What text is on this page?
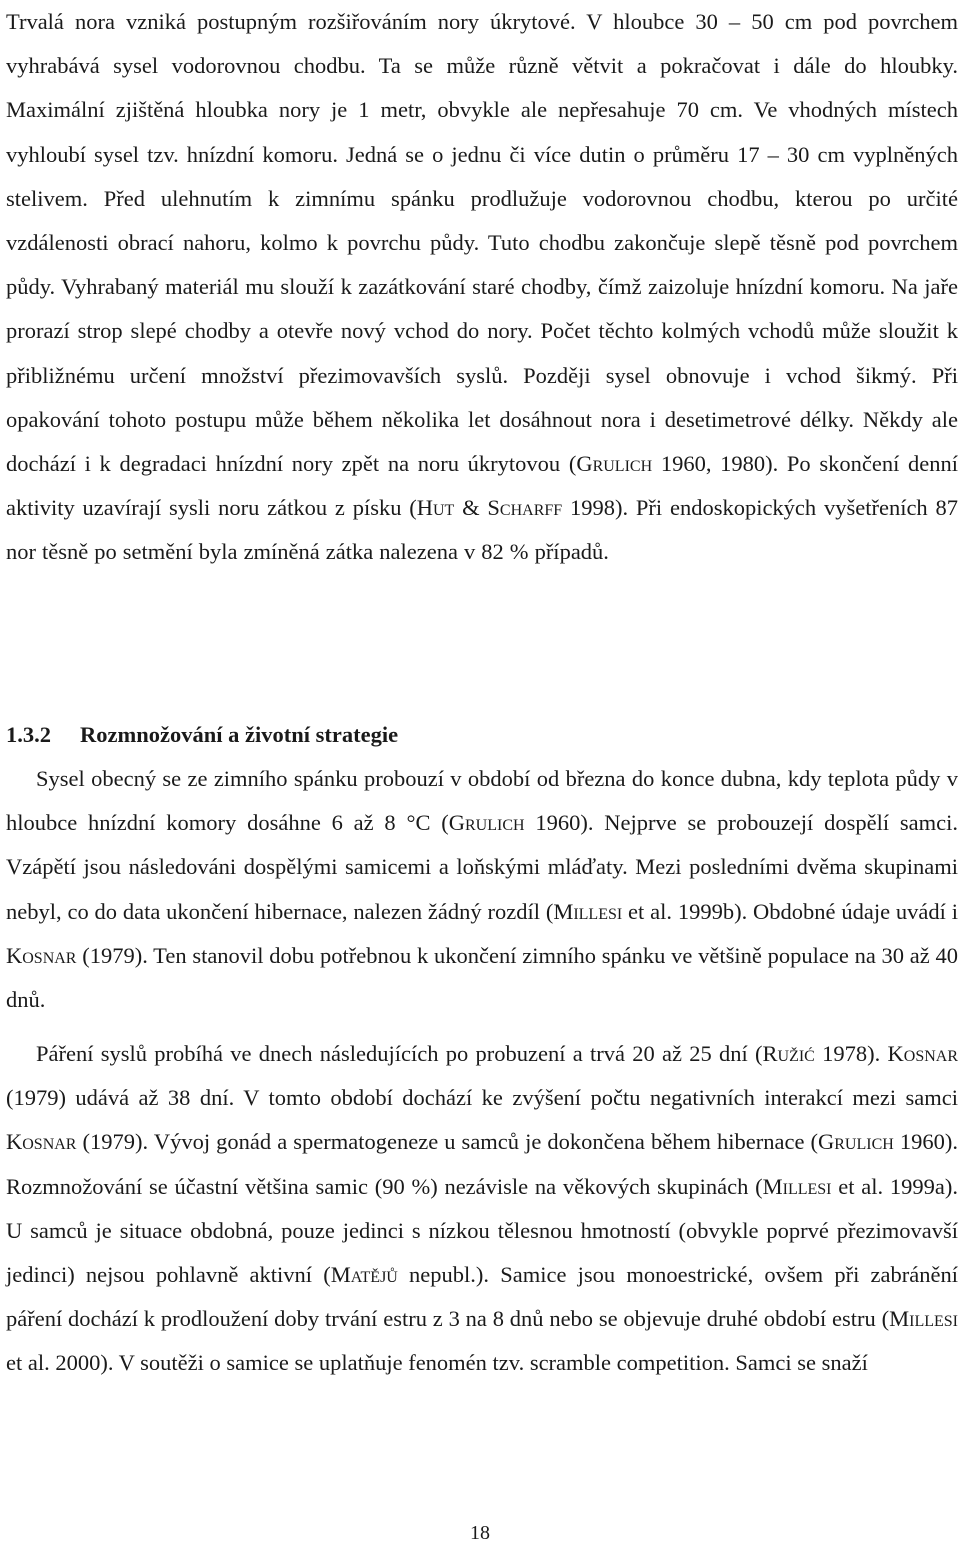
Trvalá nora vzniká postupným rozšiřováním nory úkrytové. V hloubce 30 – 50 cm pod povrchem vyhrabává sysel vodorovnou chodbu. Ta se může různě větvit a pokračovat i dále do hloubky. Maximální zjištěná hloubka nory je 1 metr, obvykle ale nepřesahuje 70 cm. Ve vhodných místech vyhloubí sysel tzv. hnízdní komoru. Jedná se o jednu či více dutin o průměru 17 – 30 cm vyplněných stelivem. Před ulehnutím k zimnímu spánku prodlužuje vodorovnou chodbu, kterou po určité vzdálenosti obrací nahoru, kolmo k povrchu půdy. Tuto chodbu zakončuje slepě těsně pod povrchem půdy. Vyhrabaný materiál mu slouží k zazátkování staré chodby, čímž zaizoluje hnízdní komoru. Na jaře prorazí strop slepé chodby a otevře nový vchod do nory. Počet těchto kolmých vchodů může sloužit k přibližnému určení množství přezimovavších syslů. Později sysel obnovuje i vchod šikmý. Při opakování tohoto postupu může během několika let dosáhnout nora i desetimetrové délky. Někdy ale dochází i k degradaci hnízdní nory zpět na noru úkrytovou (Grulich 1960, 1980). Po skončení denní aktivity uzavírají sysli noru zátkou z písku (Hut & Scharff 1998). Při endoskopických vyšetřeních 87 nor těsně po setmění byla zmíněná zátka nalezena v 82 % případů.

1.3.2 Rozmnožování a životní strategie

Sysel obecný se ze zimního spánku probouzí v období od března do konce dubna, kdy teplota půdy v hloubce hnízdní komory dosáhne 6 až 8 °C (Grulich 1960). Nejprve se probouzejí dospělí samci. Vzápětí jsou následováni dospělými samicemi a loňskými mláďaty. Mezi posledními dvěma skupinami nebyl, co do data ukončení hibernace, nalezen žádný rozdíl (Millesi et al. 1999b). Obdobné údaje uvádí i Kosnar (1979). Ten stanovil dobu potřebnou k ukončení zimního spánku ve většině populace na 30 až 40 dnů.

Páření syslů probíhá ve dnech následujících po probuzení a trvá 20 až 25 dní (Ružić 1978). Kosnar (1979) udává až 38 dní. V tomto období dochází ke zvýšení počtu negativních interakcí mezi samci Kosnar (1979). Vývoj gonád a spermatogeneze u samců je dokončena během hibernace (Grulich 1960). Rozmnožování se účastní většina samic (90 %) nezávisle na věkových skupinách (Millesi et al. 1999a). U samců je situace obdobná, pouze jedinci s nízkou tělesnou hmotností (obvykle poprvé přezimovavší jedinci) nejsou pohlavně aktivní (Matějů nepubl.). Samice jsou monoestrické, ovšem při zabránění páření dochází k prodloužení doby trvání estru z 3 na 8 dnů nebo se objevuje druhé období estru (Millesi et al. 2000). V soutěži o samice se uplatňuje fenomén tzv. scramble competition. Samci se snaží

18
